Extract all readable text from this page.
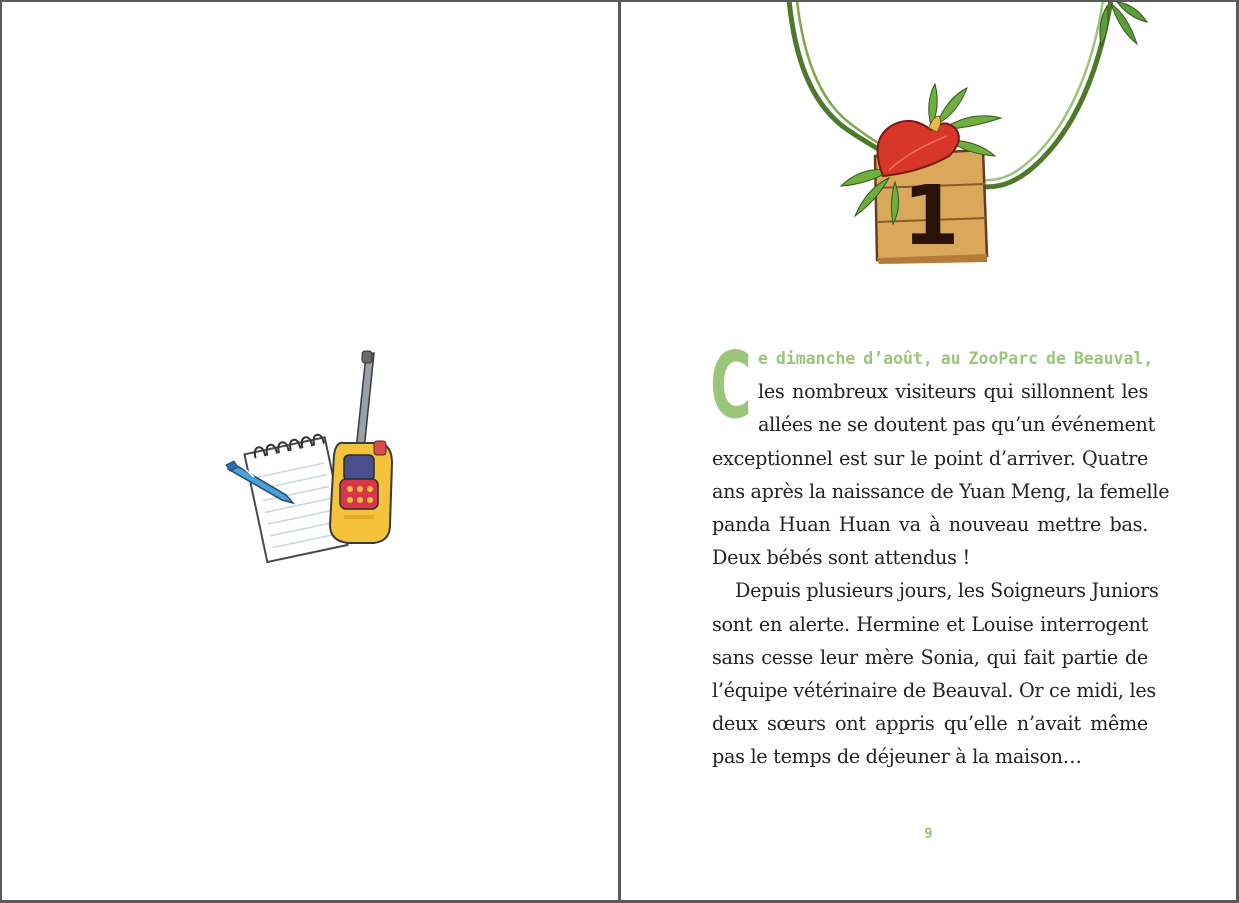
1
C e dimanche d’août, au ZooParc de Beauval,
les nombreux visiteurs qui sillonnent les
allées ne se doutent pas qu’un événement
exceptionnel est sur le point d’arriver. Quatre
ans après la naissance de Yuan Meng, la femelle
panda Huan Huan va à nouveau mettre bas.
Deux bébés sont attendus !
Depuis plusieurs jours, les Soigneurs Juniors
sont en alerte. Hermine et Louise interrogent
sans cesse leur mère Sonia, qui fait partie de
l’équipe vétérinaire de Beauval. Or ce midi, les
deux sœurs ont appris qu’elle n’avait même
pas le temps de déjeuner à la maison…
9
